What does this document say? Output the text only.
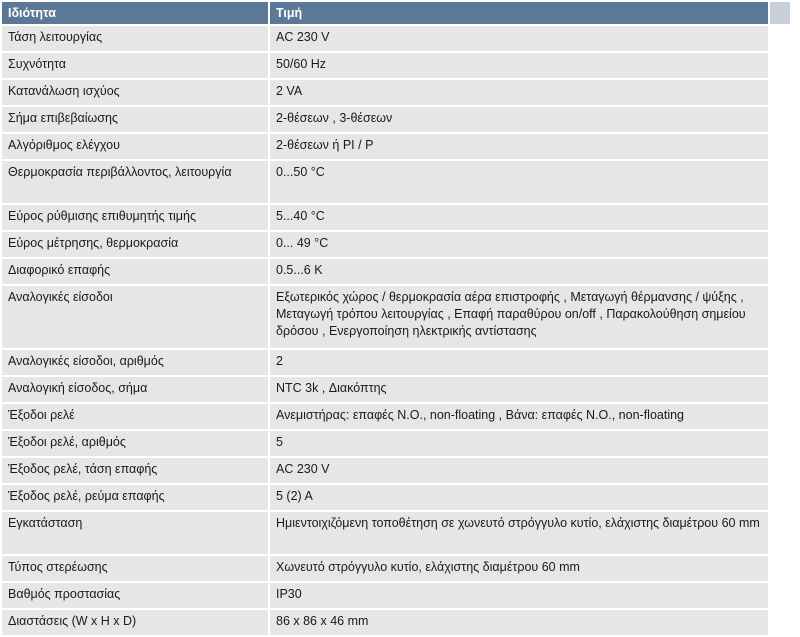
Ιδιότητα	Τιμή	
Τάση λειτουργίας	AC 230 V	
Συχνότητα	50/60 Hz	
Κατανάλωση ισχύος	2 VA	
Σήμα επιβεβαίωσης	2-θέσεων , 3-θέσεων	
Αλγόριθμος ελέγχου	2-θέσεων ή PI / P	
Θερμοκρασία περιβάλλοντος, λειτουργία	0...50 °C	
Εύρος ρύθμισης επιθυμητής τιμής	5...40 °C	
Εύρος μέτρησης, θερμοκρασία	0... 49 °C	
Διαφορικό επαφής	0.5...6 K	
Αναλογικές είσοδοι	Εξωτερικός χώρος / θερμοκρασία αέρα επιστροφής , Μεταγωγή θέρμανσης / ψύξης , Μεταγωγή τρόπου λειτουργίας , Επαφή παραθύρου on/off , Παρακολούθηση σημείου δρόσου , Ενεργοποίηση ηλεκτρικής αντίστασης	
Αναλογικές είσοδοι, αριθμός	2	
Αναλογική είσοδος, σήμα	NTC 3k , Διακόπτης	
Έξοδοι ρελέ	Ανεμιστήρας: επαφές N.O., non-floating , Βάνα: επαφές N.O., non-floating	
Έξοδοι ρελέ, αριθμός	5	
Έξοδος ρελέ, τάση επαφής	AC 230 V	
Έξοδος ρελέ, ρεύμα επαφής	5 (2) A	
Εγκατάσταση	Ημιεντοιχιζόμενη τοποθέτηση σε χωνευτό στρόγγυλο κυτίο, ελάχιστης διαμέτρου 60 mm	
Τύπος στερέωσης	Χωνευτό στρόγγυλο κυτίο, ελάχιστης διαμέτρου 60 mm	
Βαθμός προστασίας	IP30	
Διαστάσεις (W x H x D)	86 x 86 x 46 mm	
